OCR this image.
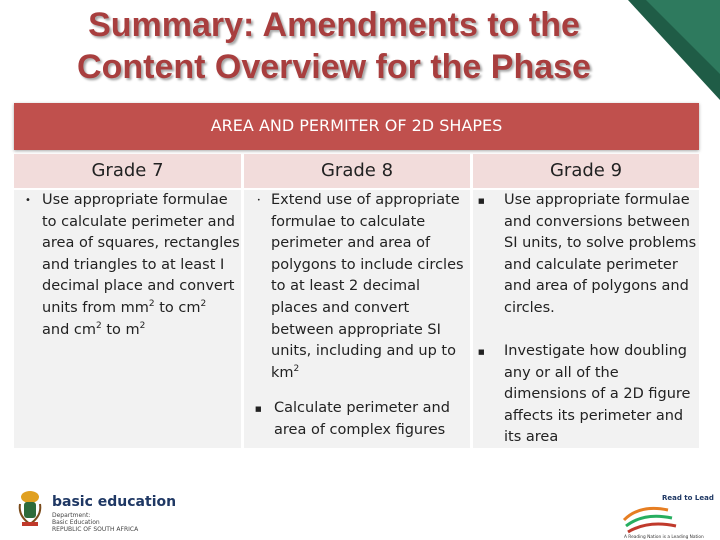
Summary: Amendments to the
Content Overview for the Phase
AREA AND PERMITER OF 2D SHAPES
Grade 7	Grade 8	Grade 9
• Use appropriate formulae
to calculate perimeter and
area of squares, rectangles
and triangles to at least I
decimal place and convert
units from $mm^2$ to $cm^2$
and $cm^2$ to $m^2$
• Extend use of appropriate
formulae to calculate
perimeter and area of
polygons to include circles
to at least 2 decimal
places and convert
between appropriate SI
units, including and up to
$km^2$
■ Calculate perimeter and
area of complex figures
■ Use appropriate formulae
and conversions between
SI units, to solve problems
and calculate perimeter
and area of polygons and
circles.
■ Investigate how doubling
any or all of the
dimensions of a 2D figure
affects its perimeter and
its area
basic education
Department:
Basic Education
REPUBLIC OF SOUTH AFRICA
Read to Lead
A Reading Nation is a Leading Nation
